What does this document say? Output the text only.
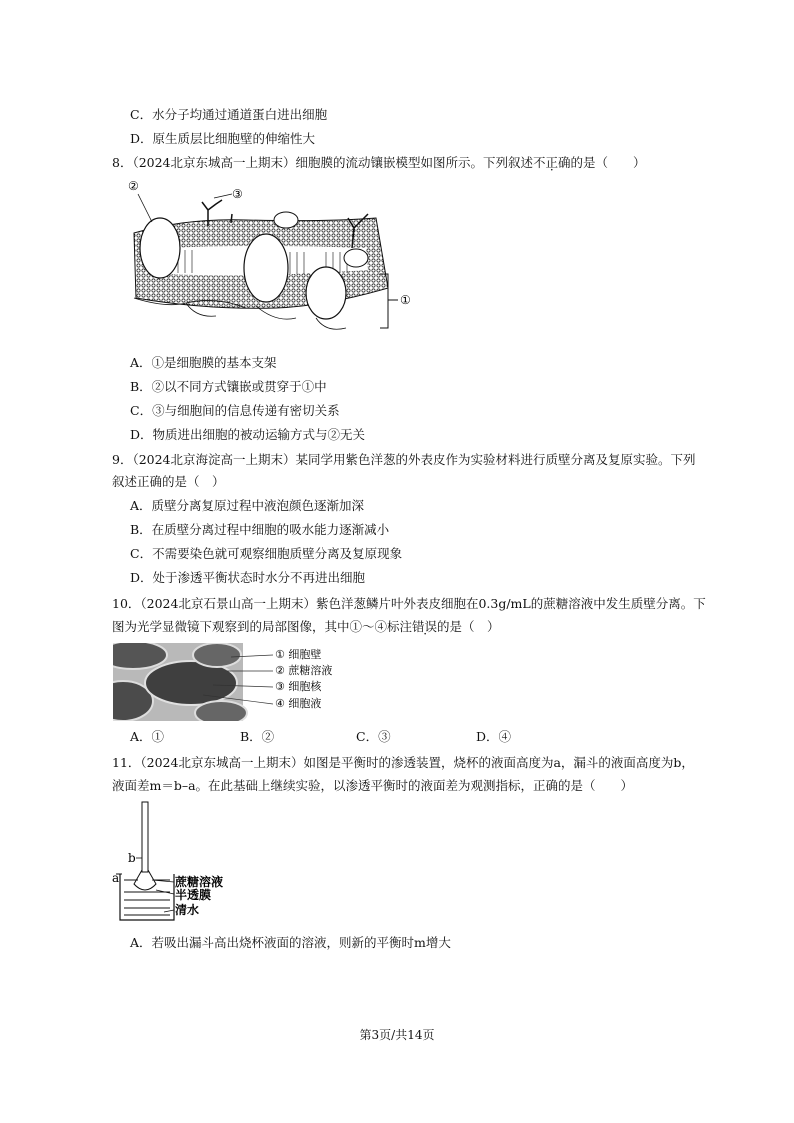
C．水分子均通过通道蛋白进出细胞
D．原生质层比细胞壁的伸缩性大
8．（2024北京东城高一上期末）细胞膜的流动镶嵌模型如图所示。下列叙述不正确的是（　　）
②
③
①
A．①是细胞膜的基本支架
B．②以不同方式镶嵌或贯穿于①中
C．③与细胞间的信息传递有密切关系
D．物质进出细胞的被动运输方式与②无关
9．（2024北京海淀高一上期末）某同学用紫色洋葱的外表皮作为实验材料进行质壁分离及复原实验。下列
叙述正确的是（　）
A．质壁分离复原过程中液泡颜色逐渐加深
B．在质壁分离过程中细胞的吸水能力逐渐减小
C．不需要染色就可观察细胞质壁分离及复原现象
D．处于渗透平衡状态时水分不再进出细胞
10．（2024北京石景山高一上期末）紫色洋葱鳞片叶外表皮细胞在0.3g/mL的蔗糖溶液中发生质壁分离。下
图为光学显微镜下观察到的局部图像，其中①～④标注错误的是（　）
① 细胞壁
② 蔗糖溶液
③ 细胞核
④ 细胞液
A．①	B．②	C．③	D．④
11．（2024北京东城高一上期末）如图是平衡时的渗透装置，烧杯的液面高度为a，漏斗的液面高度为b，
液面差m＝b–a。在此基础上继续实验，以渗透平衡时的液面差为观测指标，正确的是（　　）
b
a	蔗糖溶液
半透膜
清水
A．若吸出漏斗高出烧杯液面的溶液，则新的平衡时m增大
第3页/共14页
